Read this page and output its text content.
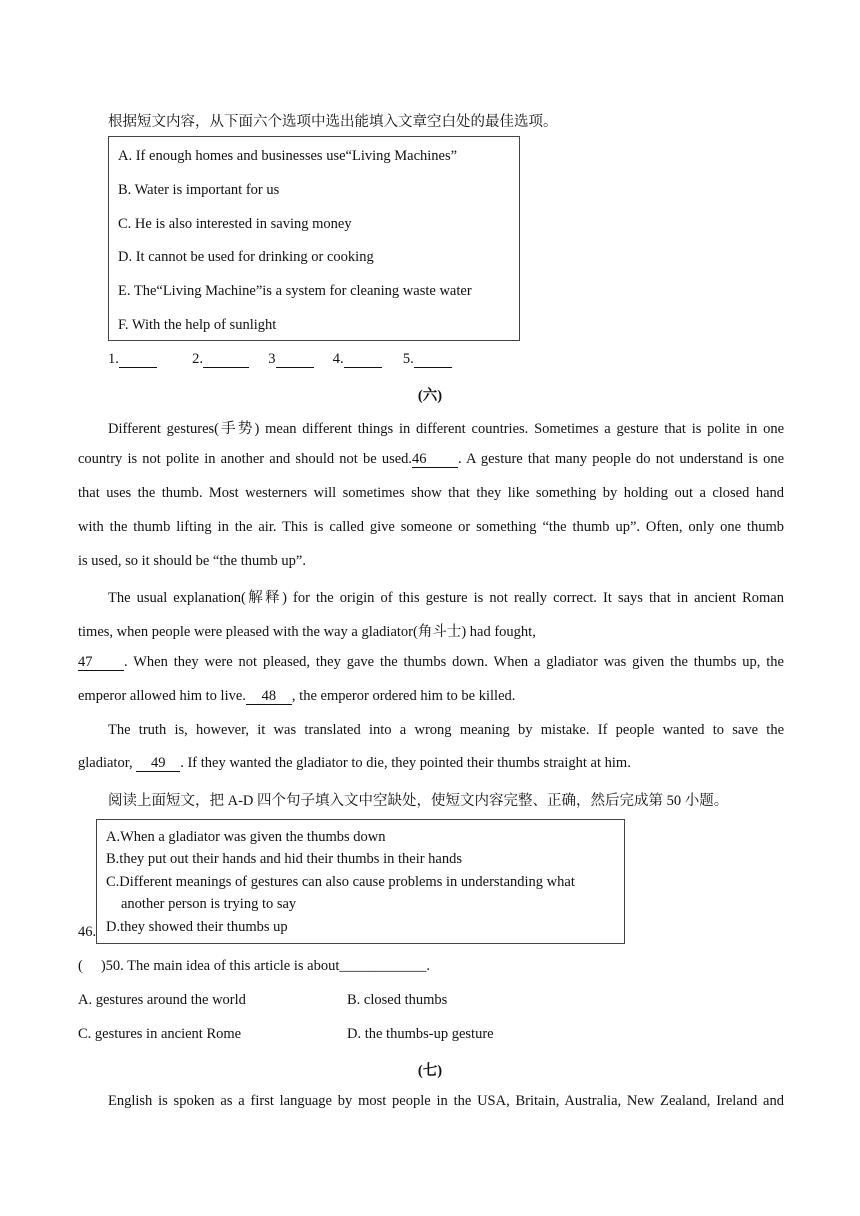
根据短文内容，从下面六个选项中选出能填入文章空白处的最佳选项。
A. If enough homes and businesses use“Living Machines”
B. Water is important for us
C. He is also interested in saving money
D. It cannot be used for drinking or cooking
E. The“Living Machine”is a system for cleaning waste water
F. With the help of sunlight
1.	2.	3	4.	5.
(六)
Different gestures(手势) mean different things in different countries. Sometimes a gesture that is polite in one
country is not polite in another and should not be used.46 . A gesture that many people do not understand is one
that uses the thumb. Most westerners will sometimes show that they like something by holding out a closed hand
with the thumb lifting in the air. This is called give someone or something “the thumb up”. Often, only one thumb
is used, so it should be “the thumb up”.
The usual explanation(解释) for the origin of this gesture is not really correct. It says that in ancient Roman
times, when people were pleased with the way a gladiator(角斗士) had fought,
47 . When they were not pleased, they gave the thumbs down. When a gladiator was given the thumbs up, the
emperor allowed him to live. 48 , the emperor ordered him to be killed.
The truth is, however, it was translated into a wrong meaning by mistake. If people wanted to save the
gladiator, 49 . If they wanted the gladiator to die, they pointed their thumbs straight at him.
阅读上面短文，把 A-D 四个句子填入文中空缺处，使短文内容完整、正确，然后完成第 50 小题。
46.
A.When a gladiator was given the thumbs down
B.they put out their hands and hid their thumbs in their hands
C.Different meanings of gestures can also cause problems in understanding what
another person is trying to say
D.they showed their thumbs up
( )50. The main idea of this article is about____________.
A. gestures around the world	B. closed thumbs
C. gestures in ancient Rome	D. the thumbs-up gesture
(七)
English is spoken as a first language by most people in the USA, Britain, Australia, New Zealand, Ireland and
